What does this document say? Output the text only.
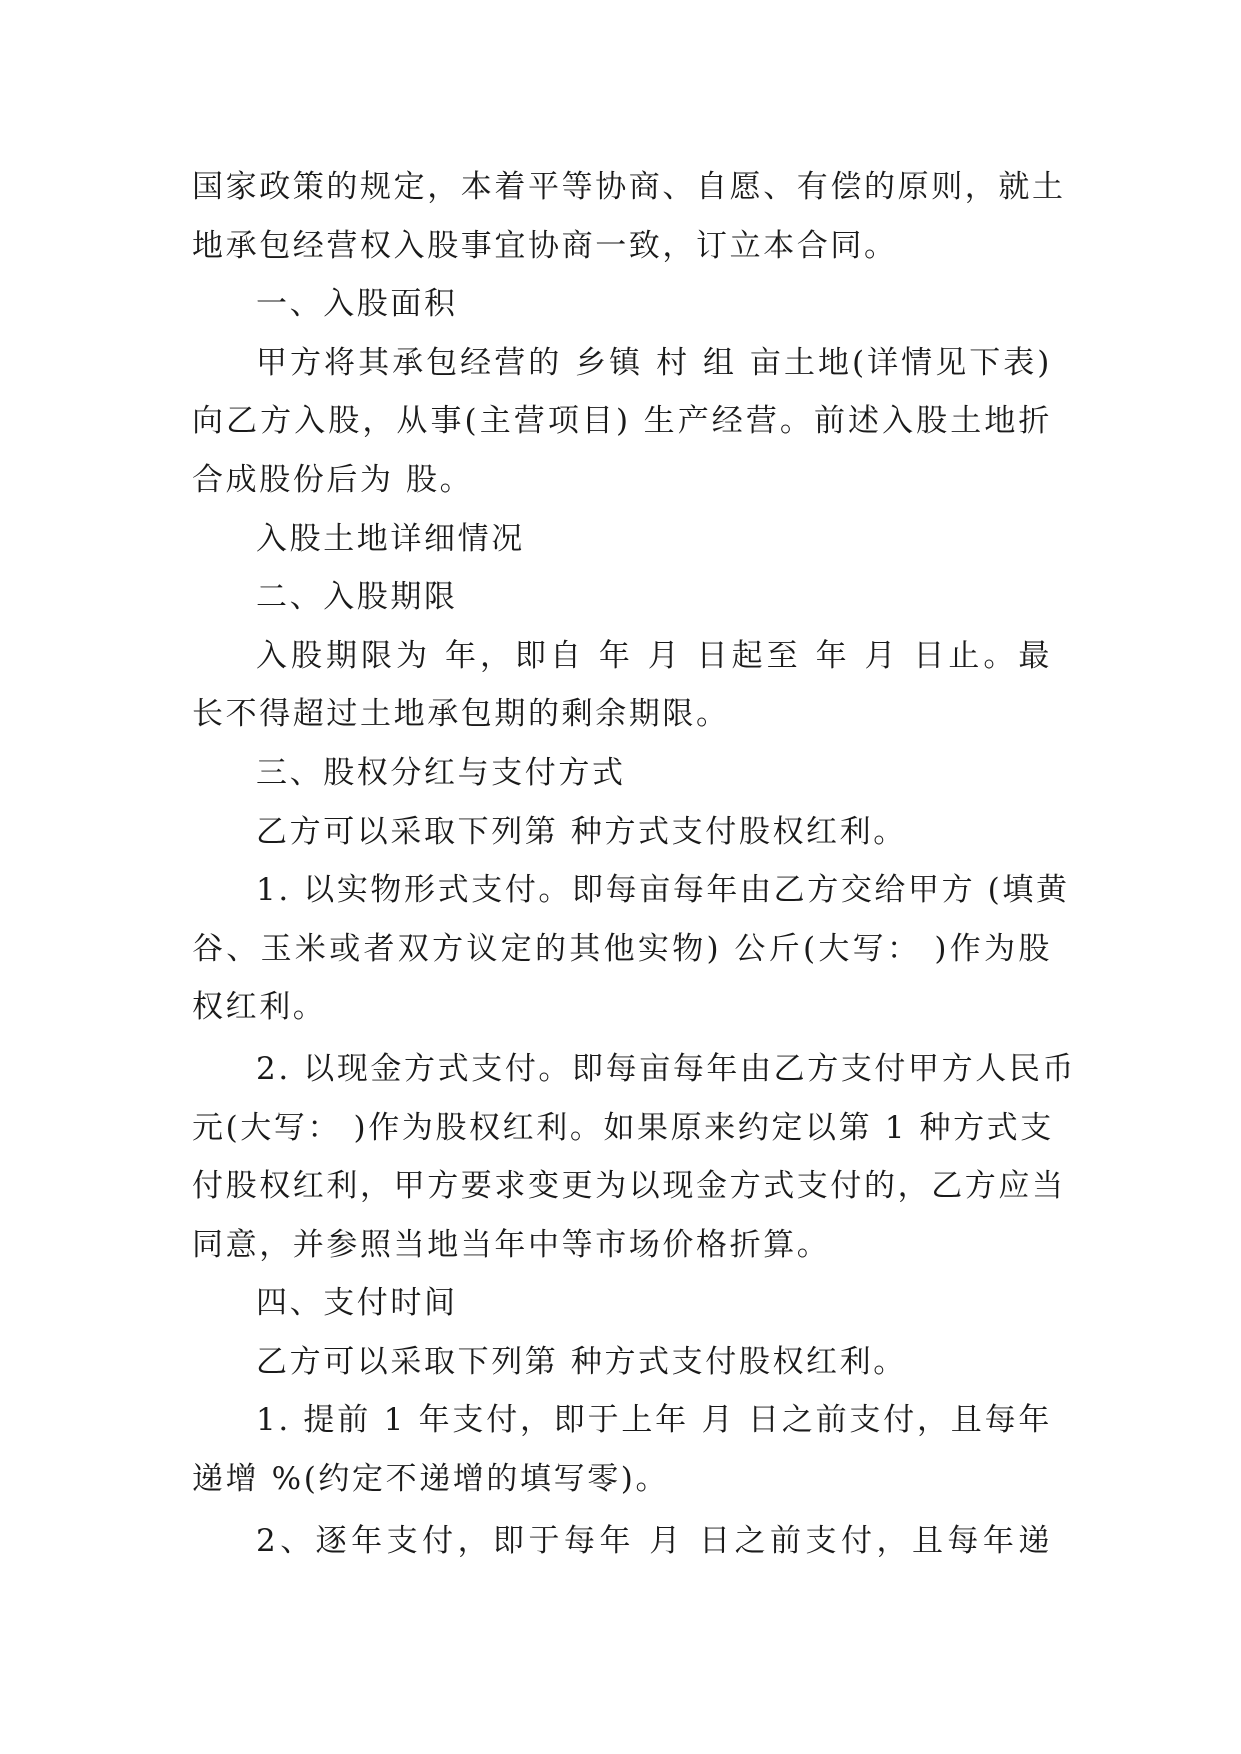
国家政策的规定，本着平等协商、自愿、有偿的原则，就土
地承包经营权入股事宜协商一致，订立本合同。
一、入股面积
甲方将其承包经营的 乡镇 村 组 亩土地(详情见下表)
向乙方入股，从事(主营项目) 生产经营。前述入股土地折
合成股份后为 股。
入股土地详细情况
二、入股期限
入股期限为 年，即自 年 月 日起至 年 月 日止。最
长不得超过土地承包期的剩余期限。
三、股权分红与支付方式
乙方可以采取下列第 种方式支付股权红利。
1. 以实物形式支付。即每亩每年由乙方交给甲方 (填黄
谷、玉米或者双方议定的其他实物) 公斤(大写： )作为股
权红利。
2. 以现金方式支付。即每亩每年由乙方支付甲方人民币
元(大写： )作为股权红利。如果原来约定以第 1 种方式支
付股权红利，甲方要求变更为以现金方式支付的，乙方应当
同意，并参照当地当年中等市场价格折算。
四、支付时间
乙方可以采取下列第 种方式支付股权红利。
1. 提前 1 年支付，即于上年 月 日之前支付，且每年
递增 %(约定不递增的填写零)。
2、逐年支付，即于每年 月 日之前支付，且每年递
